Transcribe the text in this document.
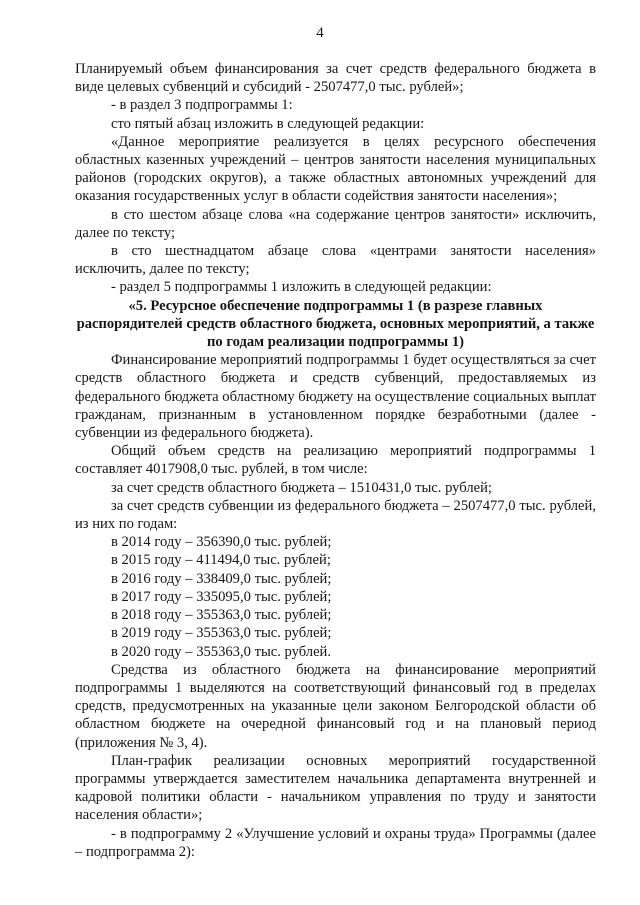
4

Планируемый объем финансирования за счет средств федерального бюджета в виде целевых субвенций и субсидий - 2507477,0 тыс. рублей»;

- в раздел 3 подпрограммы 1:

сто пятый абзац изложить в следующей редакции:

«Данное мероприятие реализуется в целях ресурсного обеспечения областных казенных учреждений – центров занятости населения муниципальных районов (городских округов), а также областных автономных учреждений для оказания государственных услуг в области содействия занятости населения»;

в сто шестом абзаце слова «на содержание центров занятости» исключить, далее по тексту;

в сто шестнадцатом абзаце слова «центрами занятости населения» исключить, далее по тексту;

- раздел 5 подпрограммы 1 изложить в следующей редакции:

«5. Ресурсное обеспечение подпрограммы 1 (в разрезе главных распорядителей средств областного бюджета, основных мероприятий, а также по годам реализации подпрограммы 1)

Финансирование мероприятий подпрограммы 1 будет осуществляться за счет средств областного бюджета и средств субвенций, предоставляемых из федерального бюджета областному бюджету на осуществление социальных выплат гражданам, признанным в установленном порядке безработными (далее - субвенции из федерального бюджета).

Общий объем средств на реализацию мероприятий подпрограммы 1 составляет 4017908,0 тыс. рублей, в том числе:

за счет средств областного бюджета – 1510431,0 тыс. рублей;

за счет средств субвенции из федерального бюджета – 2507477,0 тыс. рублей, из них по годам:

в 2014 году – 356390,0 тыс. рублей;

в 2015 году – 411494,0 тыс. рублей;

в 2016 году – 338409,0 тыс. рублей;

в 2017 году – 335095,0 тыс. рублей;

в 2018 году – 355363,0 тыс. рублей;

в 2019 году – 355363,0 тыс. рублей;

в 2020 году – 355363,0 тыс. рублей.

Средства из областного бюджета на финансирование мероприятий подпрограммы 1 выделяются на соответствующий финансовый год в пределах средств, предусмотренных на указанные цели законом Белгородской области об областном бюджете на очередной финансовый год и на плановый период (приложения № 3, 4).

План-график реализации основных мероприятий государственной программы утверждается заместителем начальника департамента внутренней и кадровой политики области - начальником управления по труду и занятости населения области»;

- в подпрограмму 2 «Улучшение условий и охраны труда» Программы (далее – подпрограмма 2):
